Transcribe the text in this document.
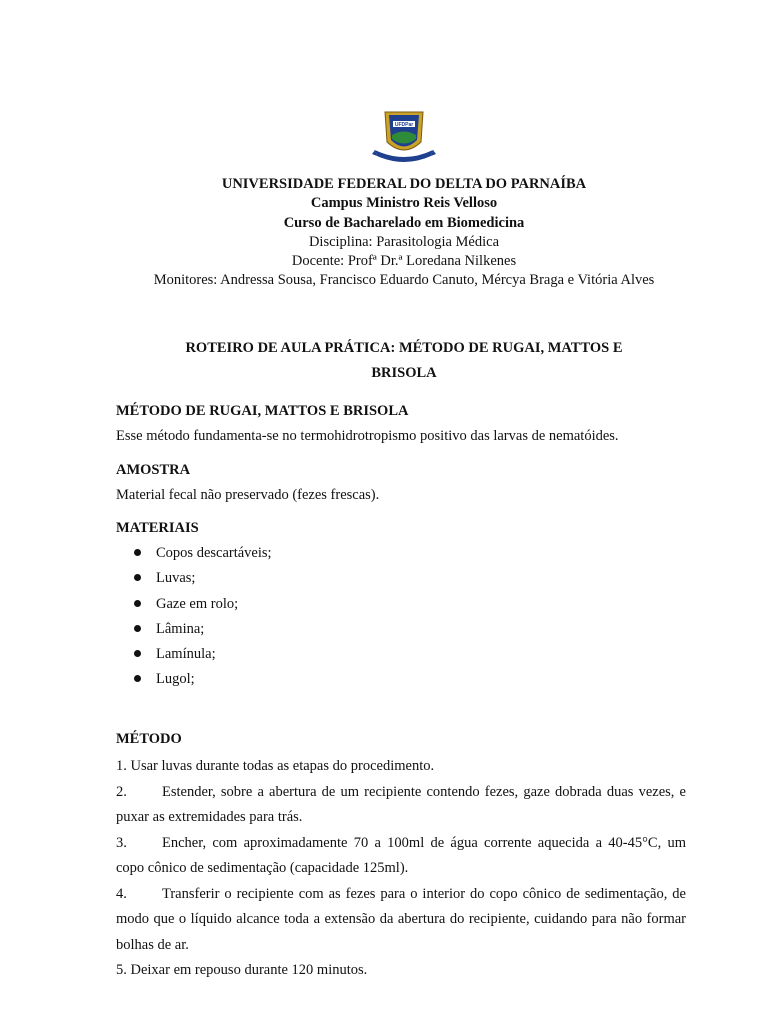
UFDPar
UNIVERSIDADE FEDERAL DO DELTA DO PARNAÍBA
Campus Ministro Reis Velloso
Curso de Bacharelado em Biomedicina
Disciplina: Parasitologia Médica
Docente: Profª Dr.ª Loredana Nilkenes
Monitores: Andressa Sousa, Francisco Eduardo Canuto, Mércya Braga e Vitória Alves
ROTEIRO DE AULA PRÁTICA: MÉTODO DE RUGAI, MATTOS E
BRISOLA
MÉTODO DE RUGAI, MATTOS E BRISOLA
Esse método fundamenta-se no termohidrotropismo positivo das larvas de nematóides.
AMOSTRA
Material fecal não preservado (fezes frescas).
MATERIAIS
Copos descartáveis;
Luvas;
Gaze em rolo;
Lâmina;
Lamínula;
Lugol;
MÉTODO
1. Usar luvas durante todas as etapas do procedimento.
2. Estender, sobre a abertura de um recipiente contendo fezes, gaze dobrada duas vezes, e puxar as extremidades para trás.
3. Encher, com aproximadamente 70 a 100ml de água corrente aquecida a 40-45°C, um copo cônico de sedimentação (capacidade 125ml).
4. Transferir o recipiente com as fezes para o interior do copo cônico de sedimentação, de modo que o líquido alcance toda a extensão da abertura do recipiente, cuidando para não formar bolhas de ar.
5. Deixar em repouso durante 120 minutos.
